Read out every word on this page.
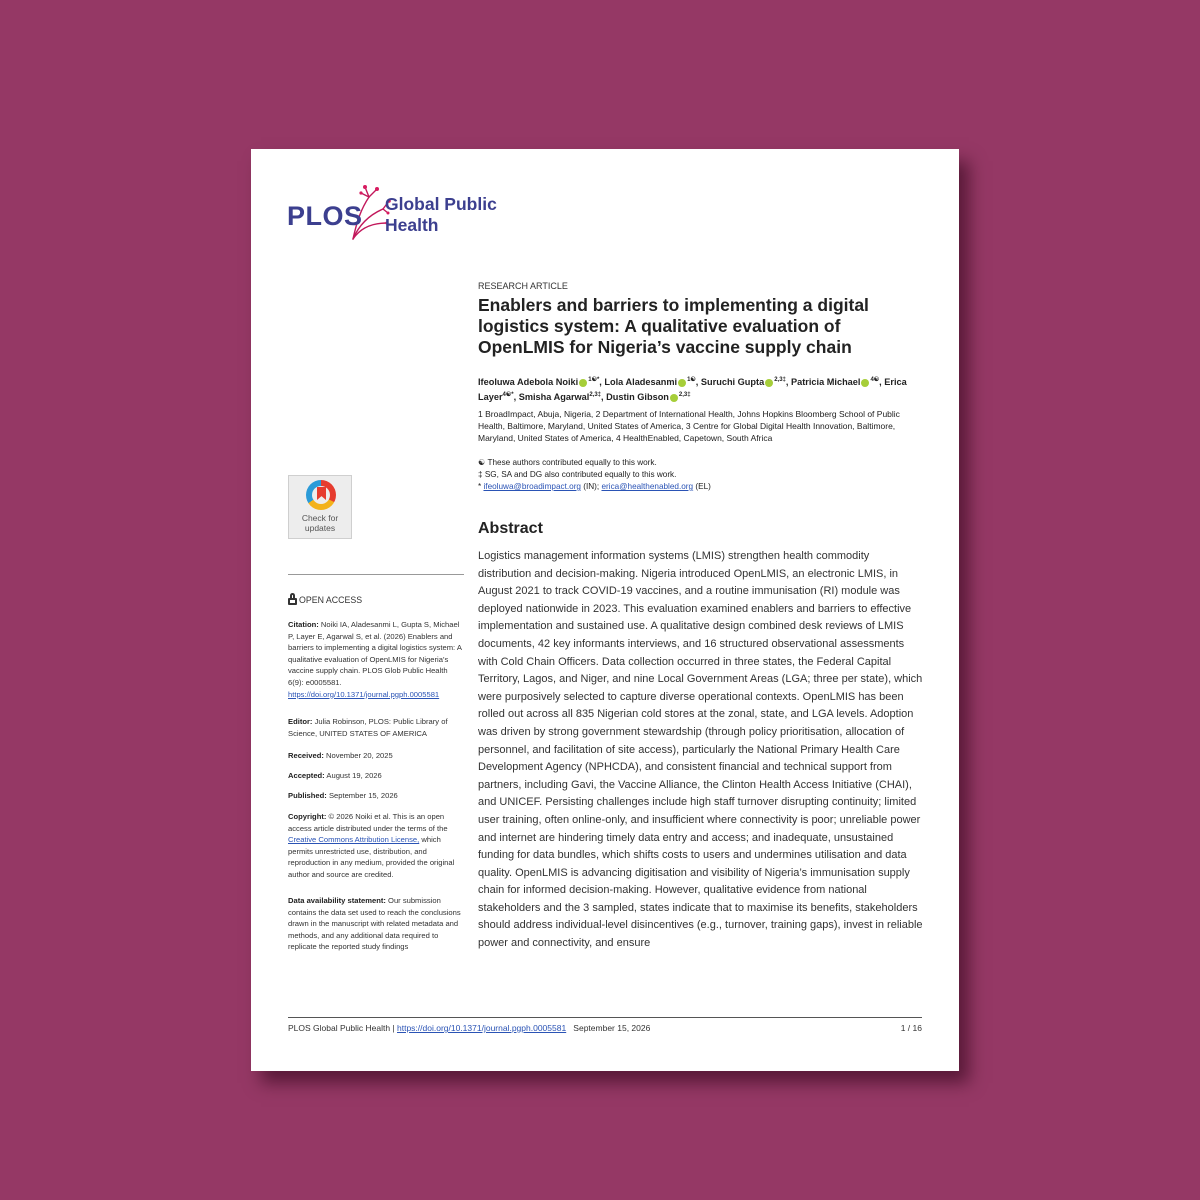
PLOS Global Public Health
RESEARCH ARTICLE
Enablers and barriers to implementing a digital logistics system: A qualitative evaluation of OpenLMIS for Nigeria’s vaccine supply chain
Ifeoluwa Adebola Noiki $^{1☯*}$, Lola Aladesanmi $^{1☯}$, Suruchi Gupta $^{2,3\ddagger}$, Patricia Michael $^{4☯}$, Erica Layer$^{4☯*}$, Smisha Agarwal$^{2,3\ddagger}$, Dustin Gibson $^{2,3\ddagger}$
1 BroadImpact, Abuja, Nigeria, 2 Department of International Health, Johns Hopkins Bloomberg School of Public Health, Baltimore, Maryland, United States of America, 3 Centre for Global Digital Health Innovation, Baltimore, Maryland, United States of America, 4 HealthEnabled, Capetown, South Africa
☯ These authors contributed equally to this work.
‡ SG, SA and DG also contributed equally to this work.
* ifeoluwa@broadimpact.org (IN); erica@healthenabled.org (EL)
Abstract
Logistics management information systems (LMIS) strengthen health commodity distribution and decision-making. Nigeria introduced OpenLMIS, an electronic LMIS, in August 2021 to track COVID-19 vaccines, and a routine immunisation (RI) module was deployed nationwide in 2023. This evaluation examined enablers and barriers to effective implementation and sustained use. A qualitative design combined desk reviews of LMIS documents, 42 key informants interviews, and 16 structured observational assessments with Cold Chain Officers. Data collection occurred in three states, the Federal Capital Territory, Lagos, and Niger, and nine Local Government Areas (LGA; three per state), which were purposively selected to capture diverse operational contexts. OpenLMIS has been rolled out across all 835 Nigerian cold stores at the zonal, state, and LGA levels. Adoption was driven by strong government stewardship (through policy prioritisation, allocation of personnel, and facilitation of site access), particularly the National Primary Health Care Development Agency (NPHCDA), and consistent financial and technical support from partners, including Gavi, the Vaccine Alliance, the Clinton Health Access Initiative (CHAI), and UNICEF. Persisting challenges include high staff turnover disrupting continuity; limited user training, often online-only, and insufficient where connectivity is poor; unreliable power and internet are hindering timely data entry and access; and inadequate, unsustained funding for data bundles, which shifts costs to users and undermines utilisation and data quality. OpenLMIS is advancing digitisation and visibility of Nigeria’s immunisation supply chain for informed decision-making. However, qualitative evidence from national stakeholders and the 3 sampled, states indicate that to maximise its benefits, stakeholders should address individual-level disincentives (e.g., turnover, training gaps), invest in reliable power and connectivity, and ensure
Check for updates
OPEN ACCESS
Citation: Noiki IA, Aladesanmi L, Gupta S, Michael P, Layer E, Agarwal S, et al. (2026) Enablers and barriers to implementing a digital logistics system: A qualitative evaluation of OpenLMIS for Nigeria’s vaccine supply chain. PLOS Glob Public Health 6(9): e0005581. https://doi.org/10.1371/journal.pgph.0005581
Editor: Julia Robinson, PLOS: Public Library of Science, UNITED STATES OF AMERICA
Received: November 20, 2025
Accepted: August 19, 2026
Published: September 15, 2026
Copyright: © 2026 Noiki et al. This is an open access article distributed under the terms of the Creative Commons Attribution License, which permits unrestricted use, distribution, and reproduction in any medium, provided the original author and source are credited.
Data availability statement: Our submission contains the data set used to reach the conclusions drawn in the manuscript with related metadata and methods, and any additional data required to replicate the reported study findings
PLOS Global Public Health | https://doi.org/10.1371/journal.pgph.0005581 September 15, 2026	1 / 16
